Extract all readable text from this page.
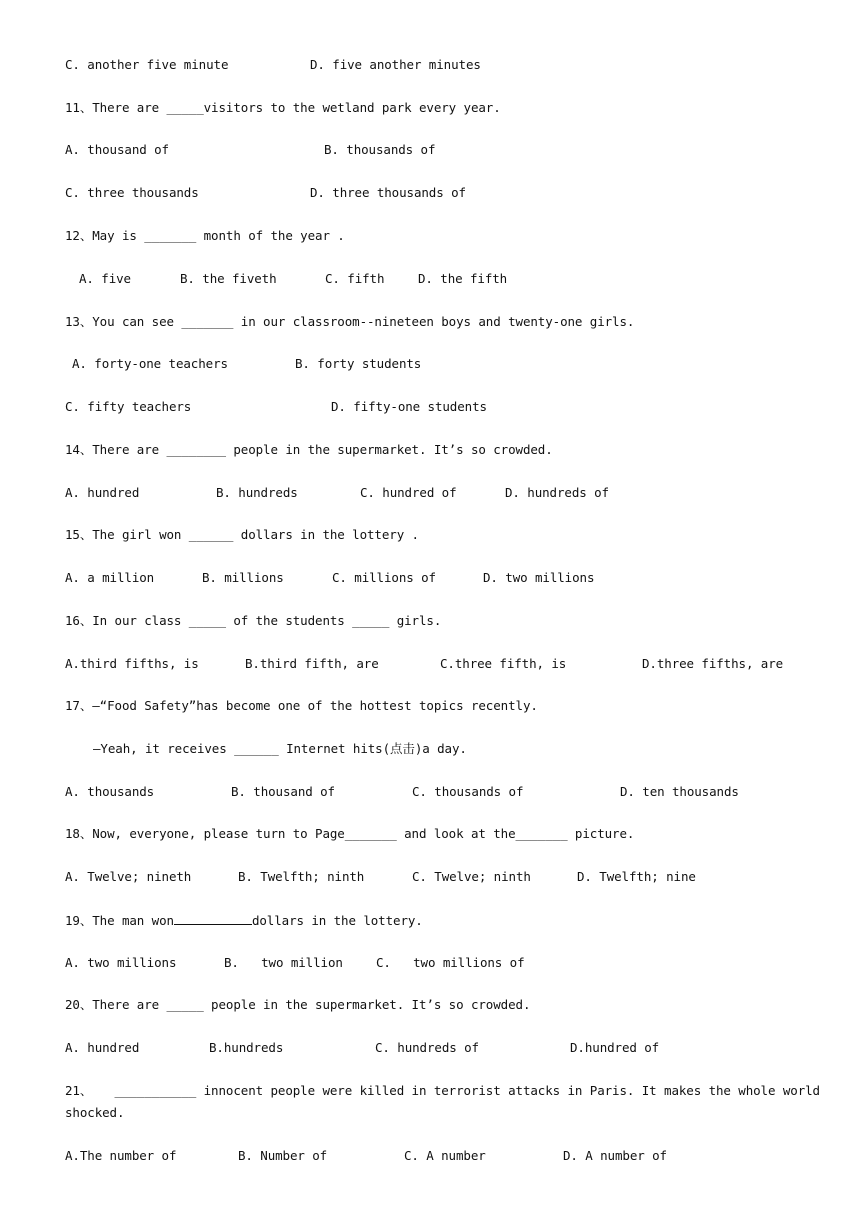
C. another five minute	D. five another minutes
11、There are _____visitors to the wetland park every year.
A. thousand of	B. thousands of
C. three thousands	D. three thousands of
12、May is _______ month of the year .
A. five	B. the fiveth	C. fifth	D. the fifth
13、You can see _______ in our classroom--nineteen boys and twenty-one girls.
A. forty-one teachers	B. forty students
C. fifty teachers	D. fifty-one students
14、There are ________ people in the supermarket. It’s so crowded.
A. hundred	B. hundreds	C. hundred of	D. hundreds of
15、The girl won ______ dollars in the lottery .
A. a million	B. millions	C. millions of	D. two millions
16、In our class _____ of the students _____ girls.
A.third fifths, is	B.third fifth, are	C.three fifth, is	D.three fifths, are
17、—“Food Safety”has become one of the hottest topics recently.
—Yeah, it receives ______ Internet hits(点击)a day.
A. thousands	B. thousand of	C. thousands of	D. ten thousands
18、Now, everyone, please turn to Page_______ and look at the_______ picture.
A. Twelve; nineth	B. Twelfth; ninth	C. Twelve; ninth	D. Twelfth; nine
19、The man won	dollars in the lottery.
A. two millions	B.   two million	C.   two millions of
20、There are _____ people in the supermarket. It’s so crowded.
A. hundred	B.hundreds	C. hundreds of	D.hundred of
21、   ___________ innocent people were killed in terrorist attacks in Paris. It makes the whole world
shocked.
A.The number of	B. Number of	C. A number	D. A number of
